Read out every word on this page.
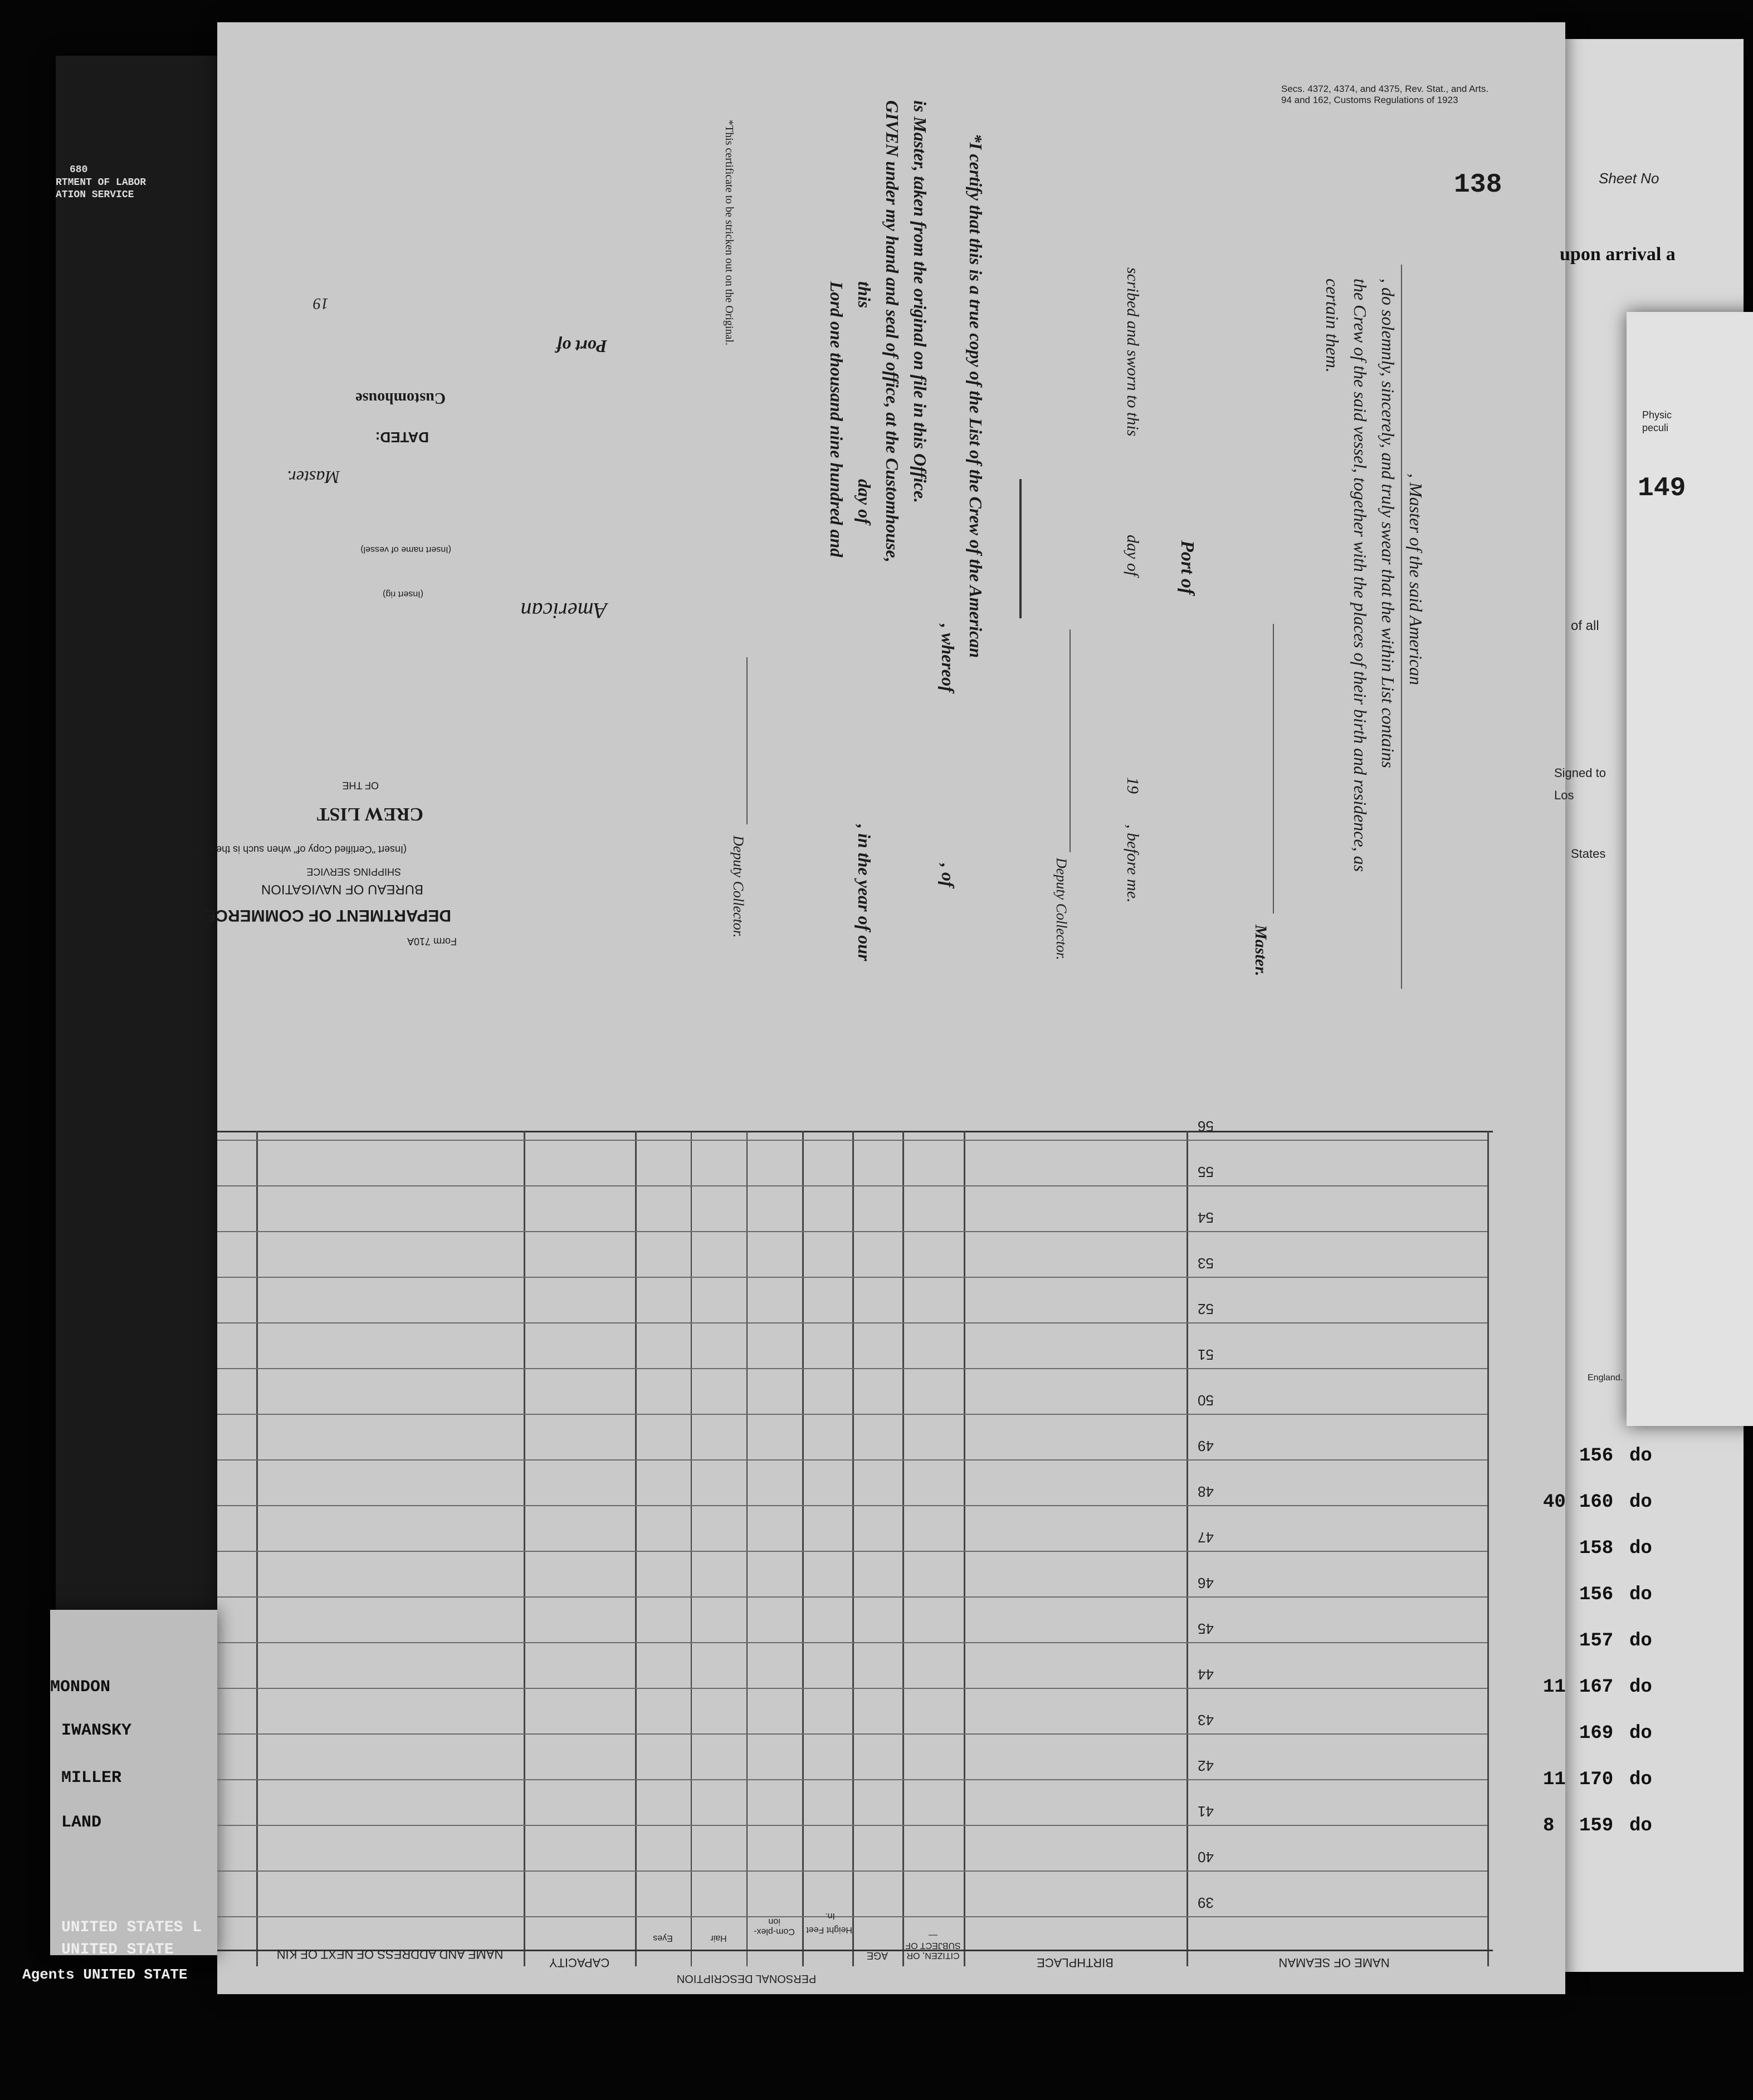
Secs. 4372, 4374, and 4375, Rev. Stat., and Arts. 94 and 162, Customs Regulations of 1923
138	Sheet No
upon arrival a
149
Physic
peculi
of all
Signed to
Los
States
England.
156 do
160 do
40
158 do
156 do
157 do
167 do
11
169 do
170 do
11
159 do
8
CREW LIST
(Insert "Certified Copy of" when such is the case)
OF THE
DEPARTMENT OF COMMERCE
BUREAU OF NAVIGATION
SHIPPING SERVICE
Form 710A
American
(Insert rig)
(Insert name of vessel)
Master.
DATED:
Customhouse
Port of
19
, Master of the said American
, do solemnly, sincerely, and truly swear that the within List contains
the Crew of the said vessel, together with the places of their birth and residence, as
certain them.
Master.
Port of
scribed and sworn to this
day of
19
, before me.
Deputy Collector.
*I certify that this is a true copy of the List of the Crew of the American
, of
, whereof
is Master, taken from the original on file in this Office.
GIVEN under my hand and seal of office, at the Customhouse,
this
day of
, in the year of our
Lord one thousand nine hundred and
Deputy Collector.
*This certificate to be stricken out on the Original.
39
40
41
42
43
44
45
46
47
48
49
50
51
52
53
54
55
56
NAME OF SEAMAN
BIRTHPLACE
CITIZEN, OR SUBJECT OF—
AGE
PERSONAL DESCRIPTION
CAPACITY
NAME AND ADDRESS OF NEXT OF KIN
Height Feet
In.
Com-plex-ion
Hair
Eyes
MONDON
IWANSKY
MILLER
LAND
UNITED STATES L
UNITED STATE
Agents UNITED STATE
680
RTMENT OF LABOR
ATION SERVICE
